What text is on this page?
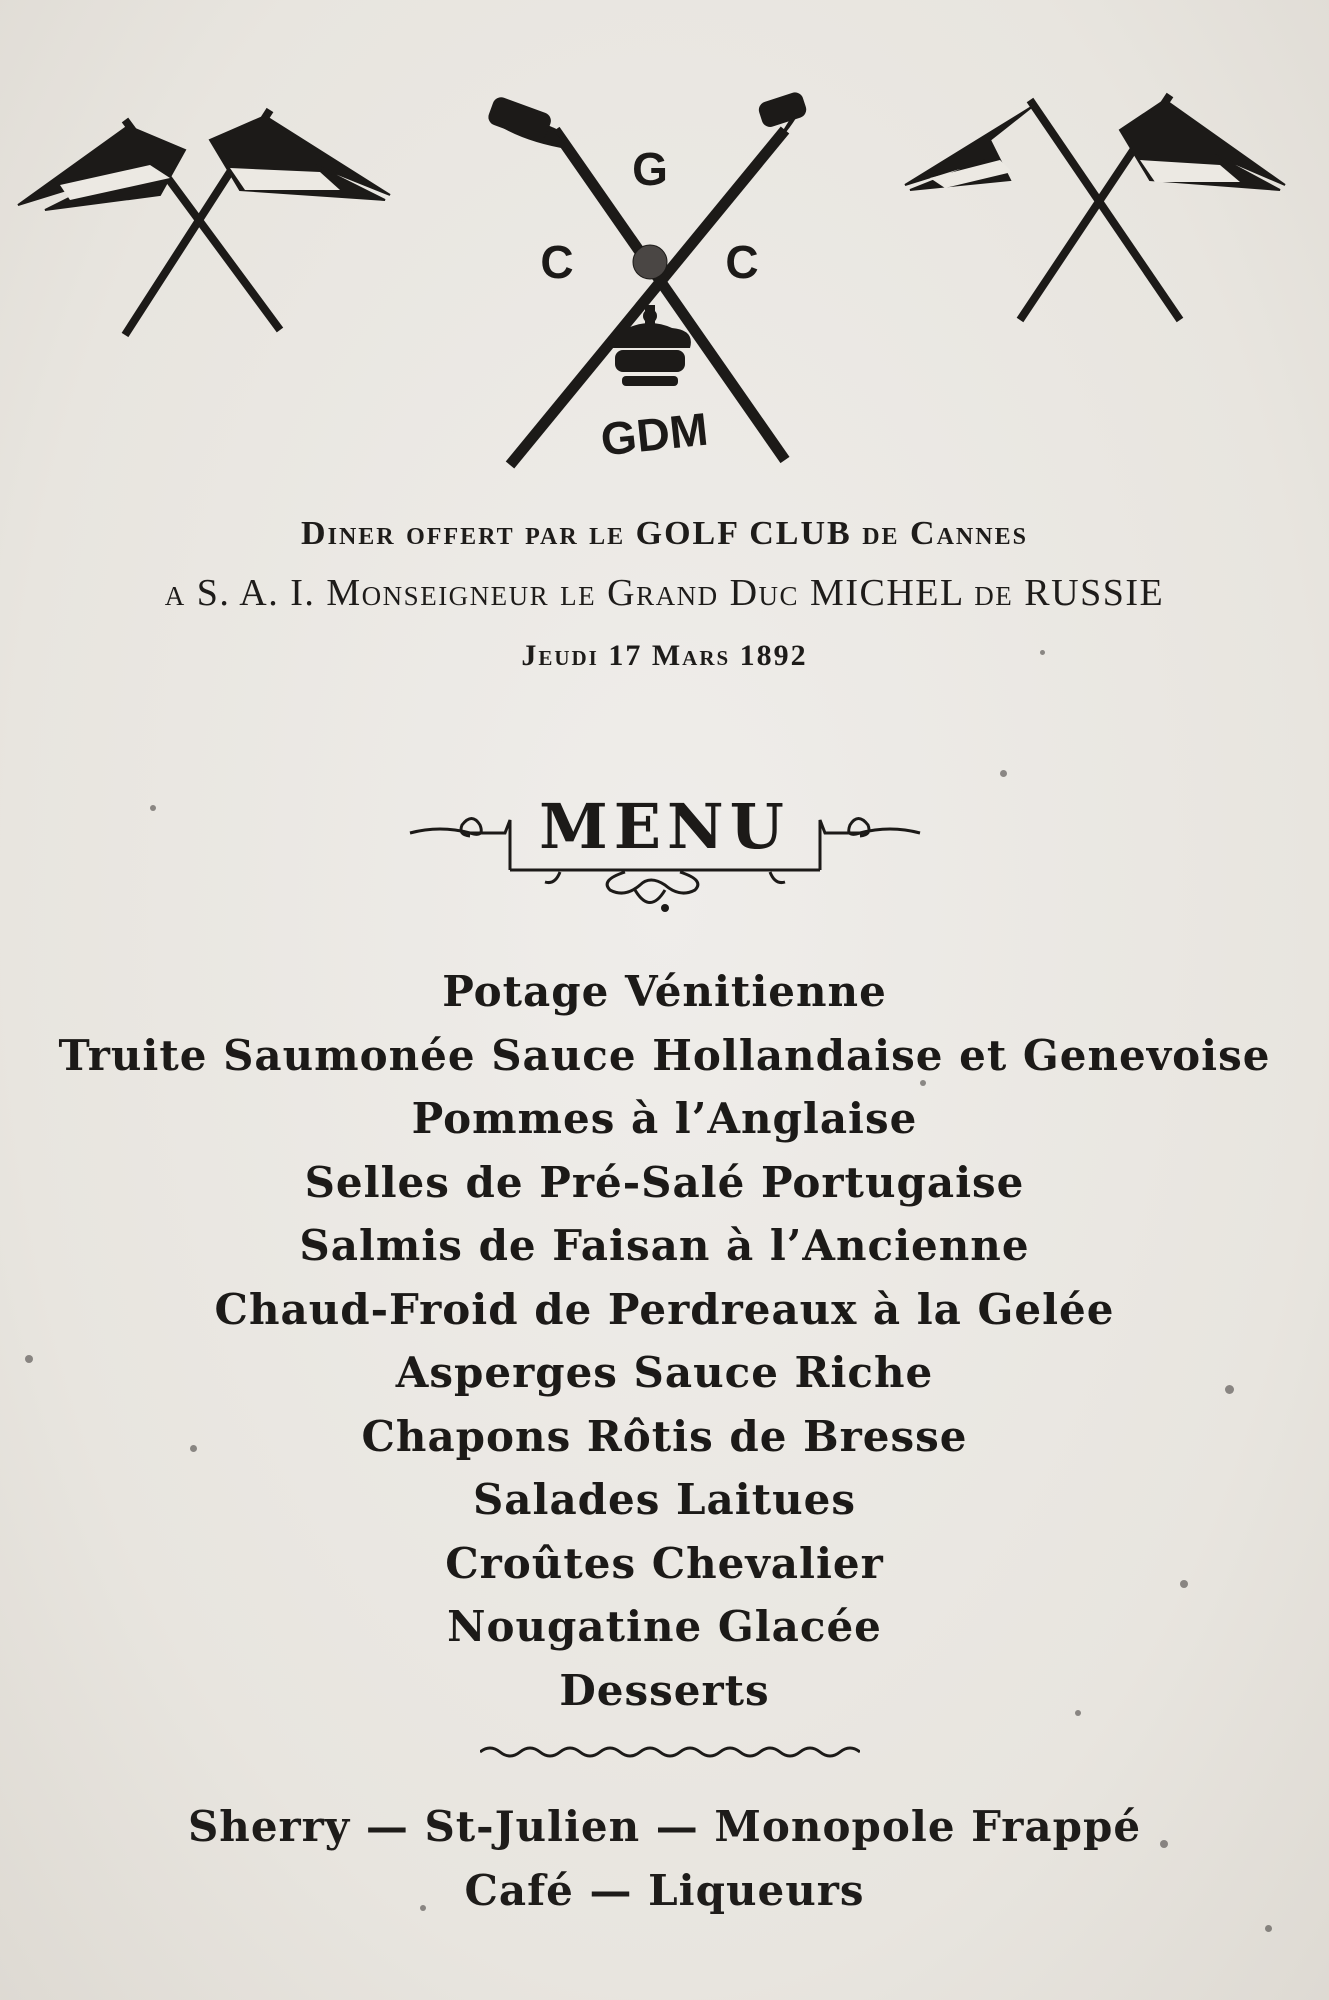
G
C	C
GDM

Diner offert par le GOLF CLUB de Cannes

a S. A. I. Monseigneur le Grand Duc MICHEL de RUSSIE

Jeudi 17 Mars 1892

MENU
Potage Vénitienne
Truite Saumonée Sauce Hollandaise et Genevoise
Pommes à l’Anglaise
Selles de Pré-Salé Portugaise
Salmis de Faisan à l’Ancienne
Chaud-Froid de Perdreaux à la Gelée
Asperges Sauce Riche
Chapons Rôtis de Bresse
Salades Laitues
Croûtes Chevalier
Nougatine Glacée
Desserts
Sherry — St-Julien — Monopole Frappé
Café — Liqueurs
